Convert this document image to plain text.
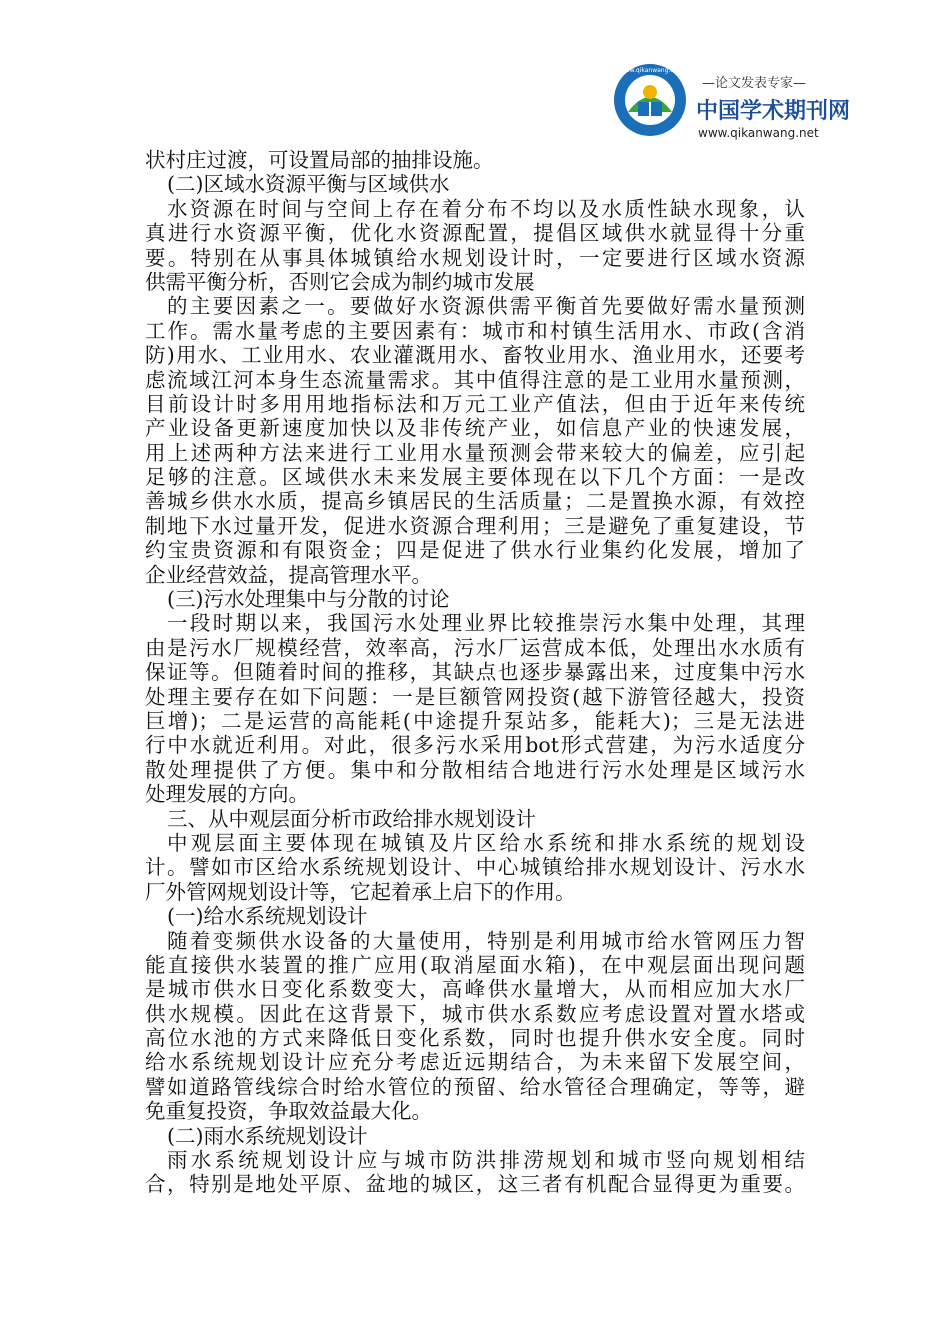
www.qikanwang.net
—论文发表专家—
中国学术期刊网
www.qikanwang.net
状村庄过渡，可设置局部的抽排设施。
(二)区域水资源平衡与区域供水
水资源在时间与空间上存在着分布不均以及水质性缺水现象，认
真进行水资源平衡，优化水资源配置，提倡区域供水就显得十分重
要。特别在从事具体城镇给水规划设计时，一定要进行区域水资源
供需平衡分析，否则它会成为制约城市发展
的主要因素之一。要做好水资源供需平衡首先要做好需水量预测
工作。需水量考虑的主要因素有：城市和村镇生活用水、市政(含消
防)用水、工业用水、农业灌溉用水、畜牧业用水、渔业用水，还要考
虑流域江河本身生态流量需求。其中值得注意的是工业用水量预测，
目前设计时多用用地指标法和万元工业产值法，但由于近年来传统
产业设备更新速度加快以及非传统产业，如信息产业的快速发展，
用上述两种方法来进行工业用水量预测会带来较大的偏差，应引起
足够的注意。区域供水未来发展主要体现在以下几个方面：一是改
善城乡供水水质，提高乡镇居民的生活质量；二是置换水源，有效控
制地下水过量开发，促进水资源合理利用；三是避免了重复建设，节
约宝贵资源和有限资金；四是促进了供水行业集约化发展，增加了
企业经营效益，提高管理水平。
(三)污水处理集中与分散的讨论
一段时期以来，我国污水处理业界比较推崇污水集中处理，其理
由是污水厂规模经营，效率高，污水厂运营成本低，处理出水水质有
保证等。但随着时间的推移，其缺点也逐步暴露出来，过度集中污水
处理主要存在如下问题：一是巨额管网投资(越下游管径越大，投资
巨增)；二是运营的高能耗(中途提升泵站多，能耗大)；三是无法进
行中水就近利用。对此，很多污水采用bot形式营建，为污水适度分
散处理提供了方便。集中和分散相结合地进行污水处理是区域污水
处理发展的方向。
三、从中观层面分析市政给排水规划设计
中观层面主要体现在城镇及片区给水系统和排水系统的规划设
计。譬如市区给水系统规划设计、中心城镇给排水规划设计、污水水
厂外管网规划设计等，它起着承上启下的作用。
(一)给水系统规划设计
随着变频供水设备的大量使用，特别是利用城市给水管网压力智
能直接供水装置的推广应用(取消屋面水箱)，在中观层面出现问题
是城市供水日变化系数变大，高峰供水量增大，从而相应加大水厂
供水规模。因此在这背景下，城市供水系数应考虑设置对置水塔或
高位水池的方式来降低日变化系数，同时也提升供水安全度。同时
给水系统规划设计应充分考虑近远期结合，为未来留下发展空间，
譬如道路管线综合时给水管位的预留、给水管径合理确定，等等，避
免重复投资，争取效益最大化。
(二)雨水系统规划设计
雨水系统规划设计应与城市防洪排涝规划和城市竖向规划相结
合，特别是地处平原、盆地的城区，这三者有机配合显得更为重要。
